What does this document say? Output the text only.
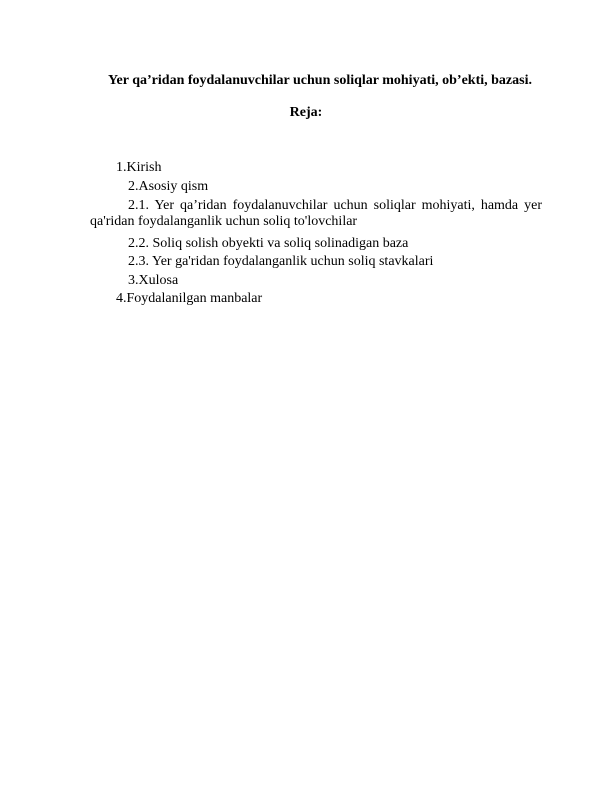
Yer qa’ridan foydalanuvchilar uchun soliqlar mohiyati, ob’ekti, bazasi.
Reja:
1.Kirish
2.Asosiy qism
2.1. Yer qa’ridan foydalanuvchilar uchun soliqlar mohiyati, hamda yer
qa'ridan foydalanganlik uchun soliq to'lovchilar
2.2. Soliq solish obyekti va soliq solinadigan baza
2.3. Yer ga'ridan foydalanganlik uchun soliq stavkalari
3.Xulosa
4.Foydalanilgan manbalar
